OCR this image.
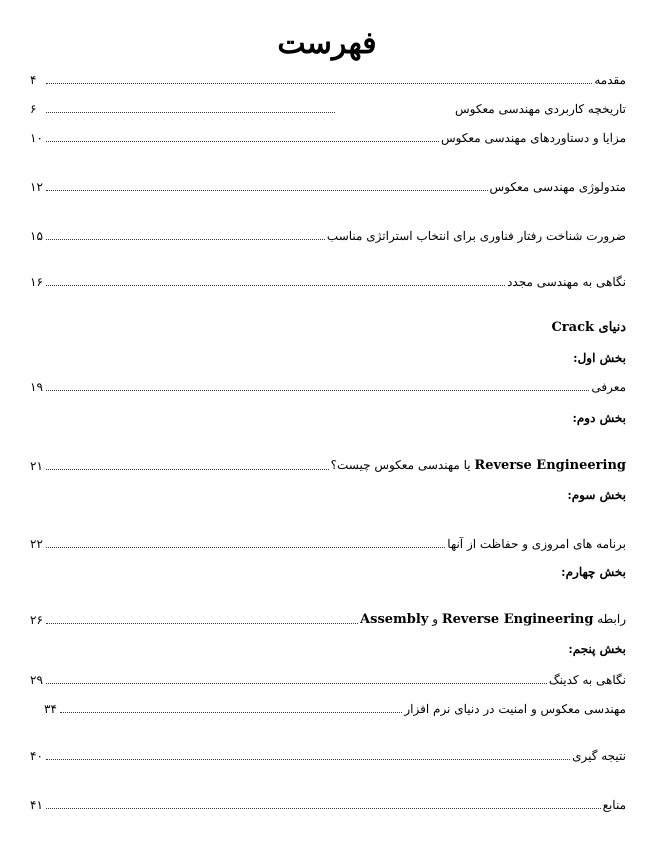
فهرست
مقدمه
۴
تاریخچه کاربردی مهندسی معکوس
۶
مزایا و دستاوردهای مهندسی معکوس
۱۰
متدولوژی مهندسی معکوس
۱۲
ضرورت شناخت رفتار فناوری برای انتخاب استراتژی مناسب
۱۵
نگاهی به مهندسی مجدد
۱۶
دنیای Crack
بخش اول:
معرفی
۱۹
بخش دوم:
Reverse Engineering یا مهندسی معکوس چیست؟
۲۱
بخش سوم:
برنامه های امروزی و حفاظت از آنها
۲۲
بخش چهارم:
رابطه Reverse Engineering و Assembly
۲۶
بخش پنجم:
نگاهی به کدینگ
۲۹
مهندسی معکوس و امنیت در دنیای نرم افزار
۳۴
نتیجه گیری
۴۰
منابع
۴۱
